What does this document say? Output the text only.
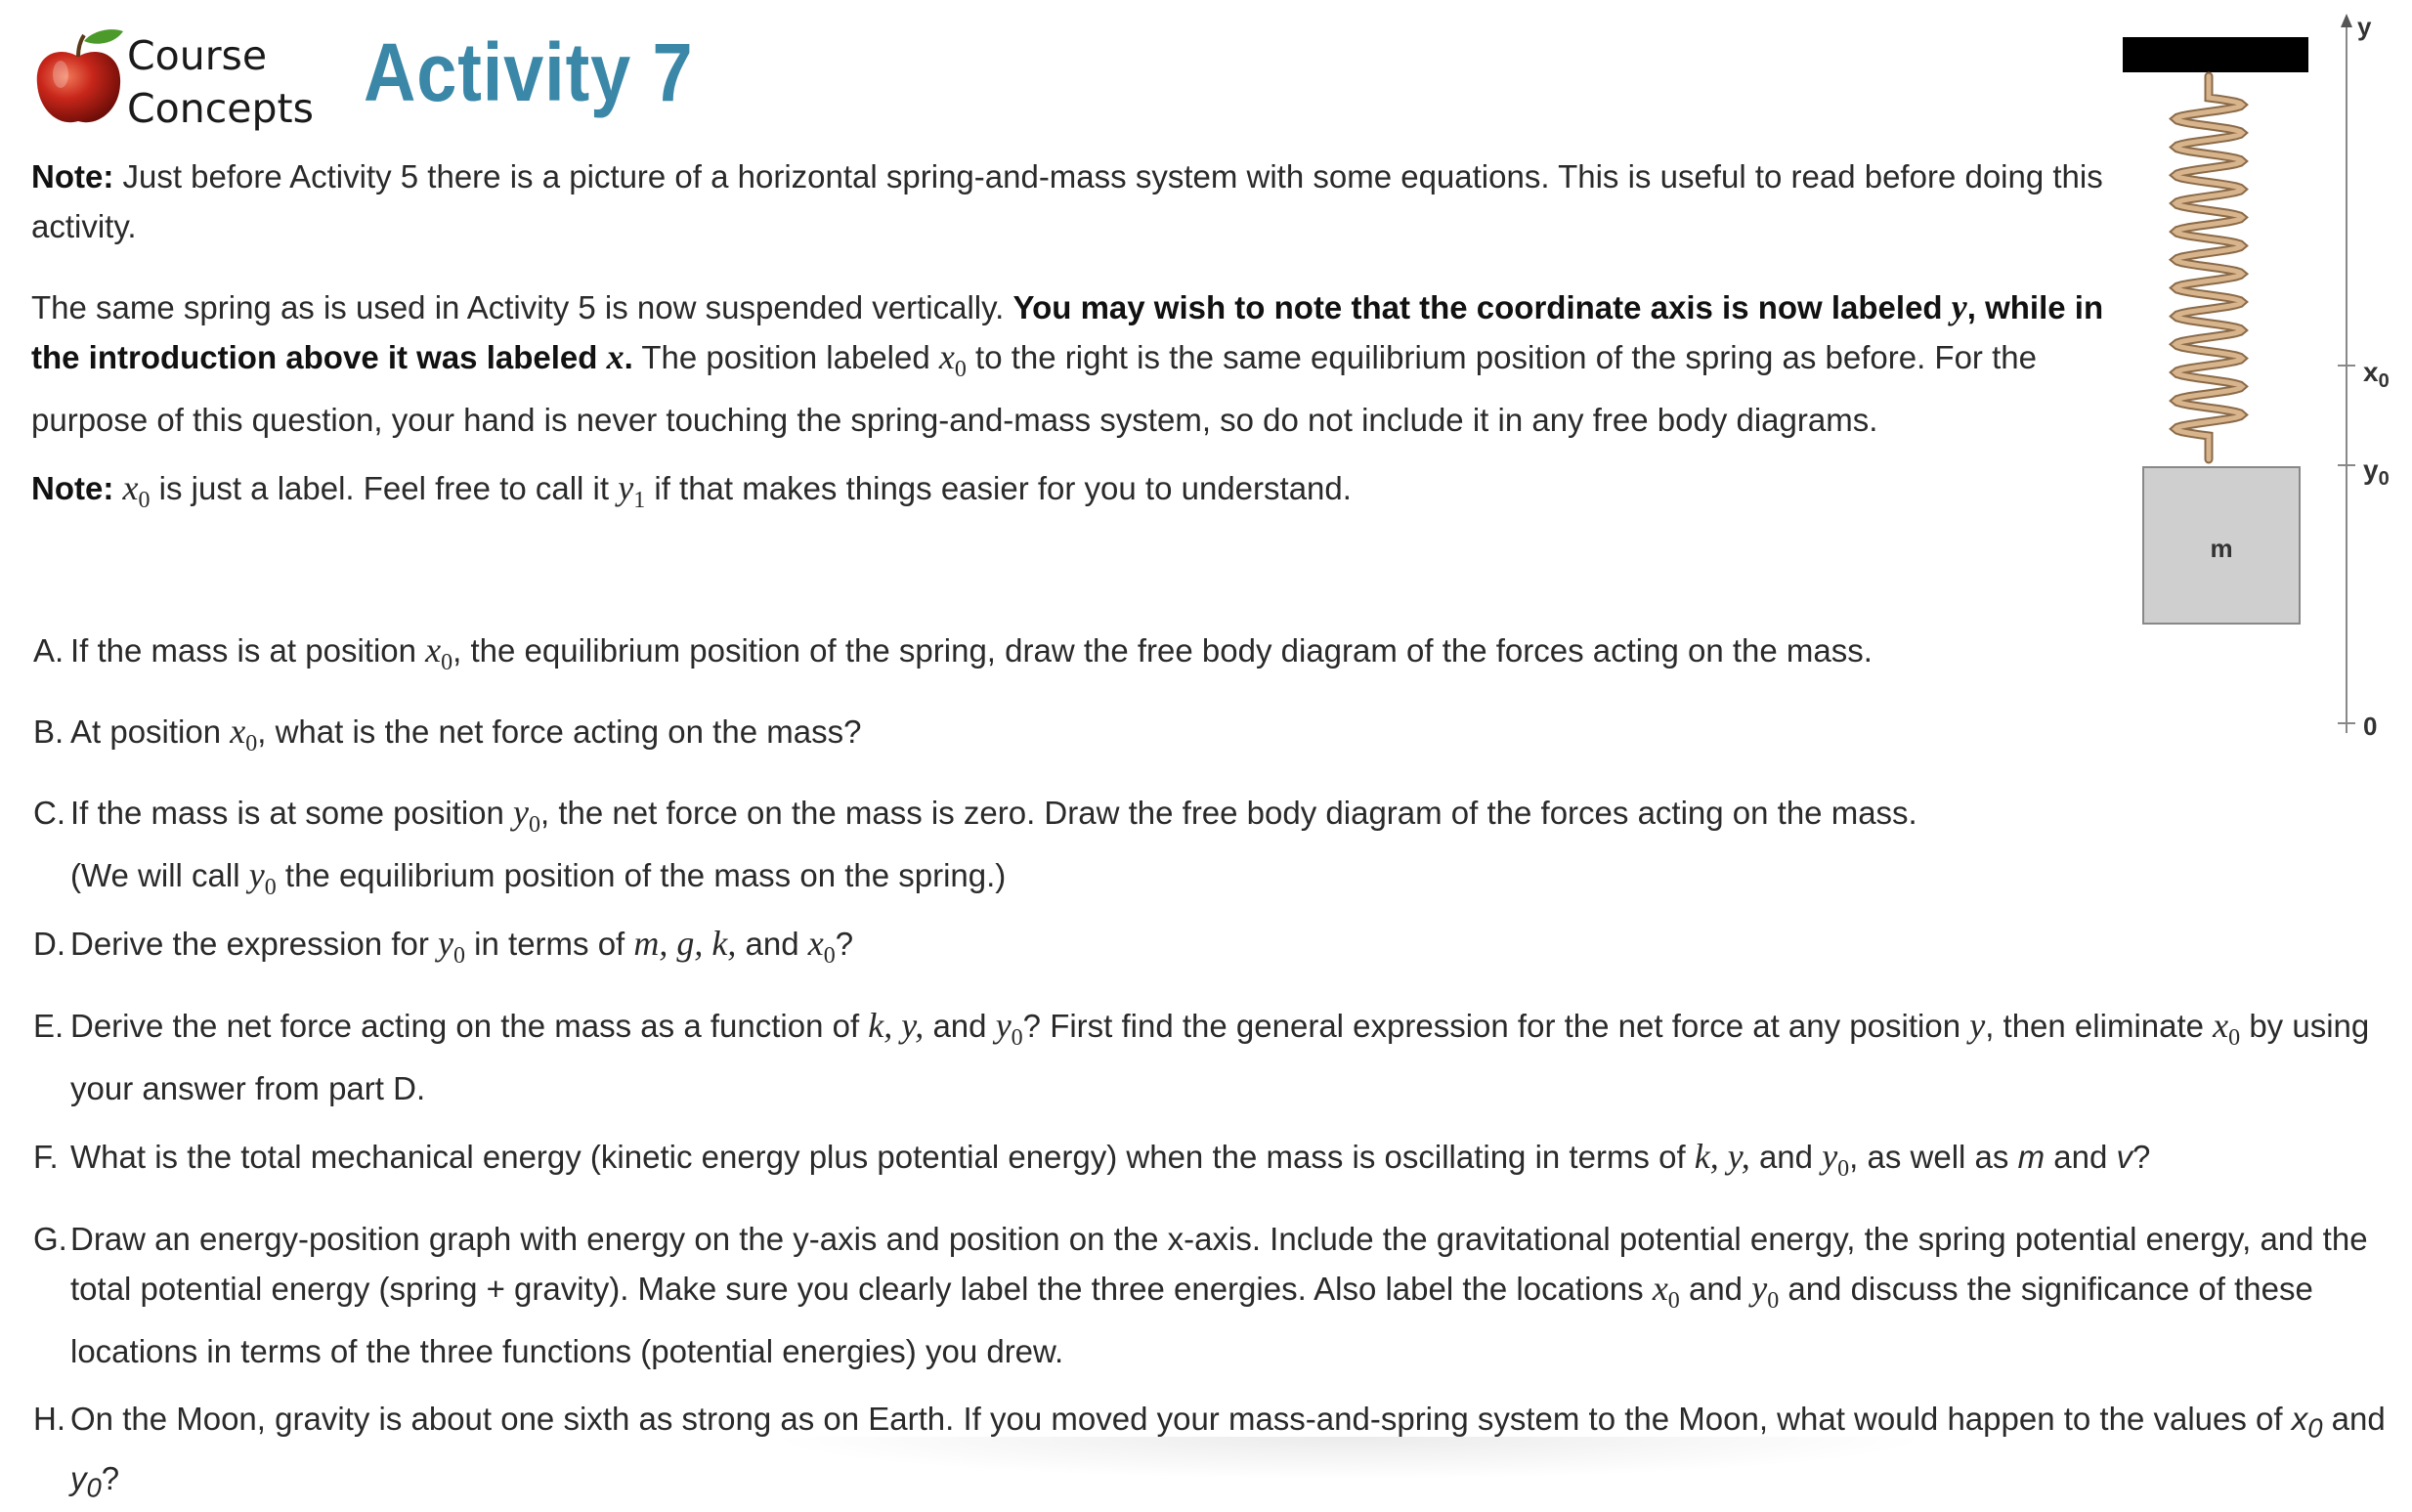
Course
Concepts Activity 7
Note: Just before Activity 5 there is a picture of a horizontal spring-and-mass system with some equations. This is useful to read before doing this activity.
The same spring as is used in Activity 5 is now suspended vertically. You may wish to note that the coordinate axis is now labeled y, while in the introduction above it was labeled x. The position labeled $x_0$ to the right is the same equilibrium position of the spring as before. For the purpose of this question, your hand is never touching the spring-and-mass system, so do not include it in any free body diagrams.
Note: $x_0$ is just a label. Feel free to call it $y_1$ if that makes things easier for you to understand.
A. If the mass is at position $x_0$, the equilibrium position of the spring, draw the free body diagram of the forces acting on the mass.
B. At position $x_0$, what is the net force acting on the mass?
C. If the mass is at some position $y_0$, the net force on the mass is zero. Draw the free body diagram of the forces acting on the mass.
(We will call $y_0$ the equilibrium position of the mass on the spring.)
D. Derive the expression for $y_0$ in terms of m, g, k, and $x_0$?
E. Derive the net force acting on the mass as a function of k, y, and $y_0$? First find the general expression for the net force at any position y, then eliminate $x_0$ by using your answer from part D.
F. What is the total mechanical energy (kinetic energy plus potential energy) when the mass is oscillating in terms of k, y, and $y_0$, as well as m and v?
G. Draw an energy-position graph with energy on the y-axis and position on the x-axis. Include the gravitational potential energy, the spring potential energy, and the total potential energy (spring + gravity). Make sure you clearly label the three energies. Also label the locations $x_0$ and $y_0$ and discuss the significance of these locations in terms of the three functions (potential energies) you drew.
H. On the Moon, gravity is about one sixth as strong as on Earth. If you moved your mass-and-spring system to the Moon, what would happen to the values of $x_0$ and $y_0$?
m
y
$x_0$
$y_0$
0
